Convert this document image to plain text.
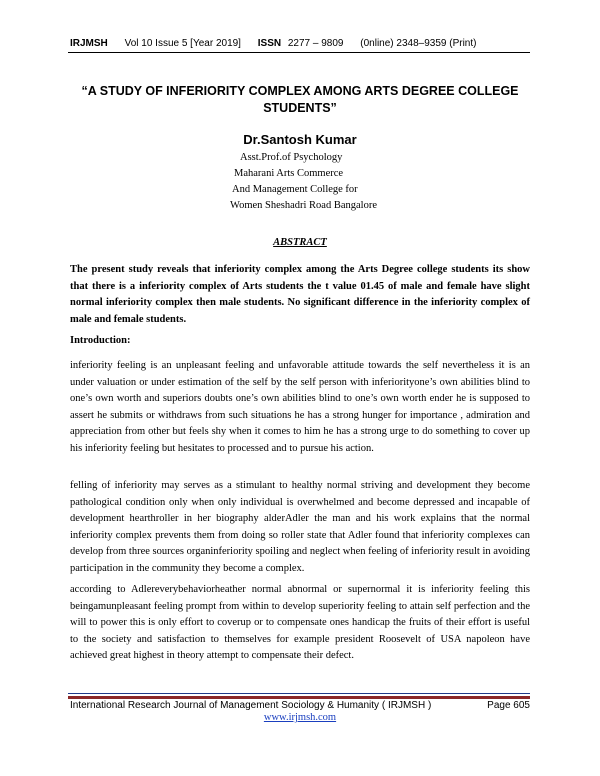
IRJMSH Vol 10 Issue 5 [Year 2019] ISSN 2277 – 9809 (0nline) 2348–9359 (Print)
“A STUDY OF INFERIORITY COMPLEX AMONG ARTS DEGREE COLLEGE STUDENTS”
Dr.Santosh Kumar
Asst.Prof.of Psychology
Maharani Arts Commerce
And Management College for
Women Sheshadri Road Bangalore
ABSTRACT
The present study reveals that inferiority complex among the Arts Degree college students its show that there is a inferiority complex of Arts students the t value 01.45 of male and female have slight normal inferiority complex then male students. No significant difference in the inferiority complex of male and female students.
Introduction:
inferiority feeling is an unpleasant feeling and unfavorable attitude towards the self nevertheless it is an under valuation or under estimation of the self by the self person with inferiorityone’s own abilities blind to one’s own worth and superiors doubts one’s own abilities blind to one’s own worth ender he is supposed to assert he submits or withdraws from such situations he has a strong hunger for importance , admiration and appreciation from other but feels shy when it comes to him he has a strong urge to do something to cover up his inferiority feeling but hesitates to processed and to pursue his action.
felling of inferiority may serves as a stimulant to healthy normal striving and development they become pathological condition only when only individual is overwhelmed and become depressed and incapable of development hearthroller in her biography alderAdler the man and his work explains that the normal inferiority complex prevents them from doing so roller state that Adler found that inferiority complexes can develop from three sources organinferiority spoiling and neglect when feeling of inferiority result in avoiding participation in the community they become a complex.
according to Adlereverybehaviorheather normal abnormal or supernormal it is inferiority feeling this beingamunpleasant feeling prompt from within to develop superiority feeling to attain self perfection and the will to power this is only effort to coverup or to compensate ones handicap the fruits of their effort is useful to the society and satisfaction to themselves for example president Roosevelt of USA napoleon have achieved great highest in theory attempt to compensate their defect.
International Research Journal of Management Sociology & Humanity ( IRJMSH )	Page 605
www.irjmsh.com
